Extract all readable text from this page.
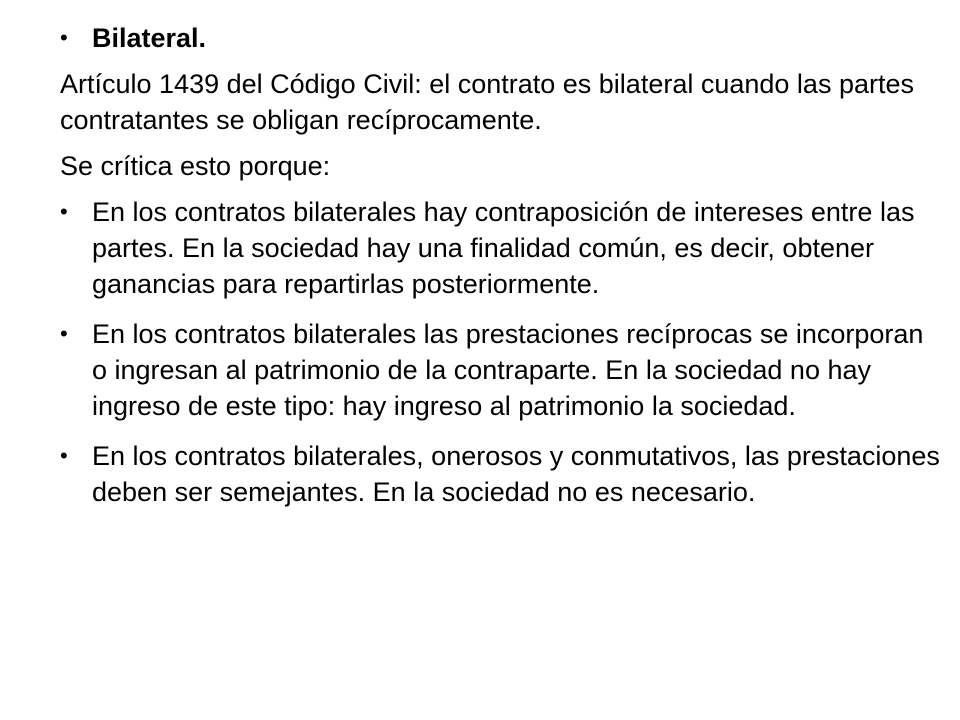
• Bilateral.
Artículo 1439 del Código Civil: el contrato es bilateral cuando las partes contratantes se obligan recíprocamente.
Se crítica esto porque:
• En los contratos bilaterales hay contraposición de intereses entre las partes. En la sociedad hay una finalidad común, es decir, obtener ganancias para repartirlas posteriormente.
• En los contratos bilaterales las prestaciones recíprocas se incorporan o ingresan al patrimonio de la contraparte. En la sociedad no hay ingreso de este tipo: hay ingreso al patrimonio la sociedad.
• En los contratos bilaterales, onerosos y conmutativos, las prestaciones deben ser semejantes. En la sociedad no es necesario.
